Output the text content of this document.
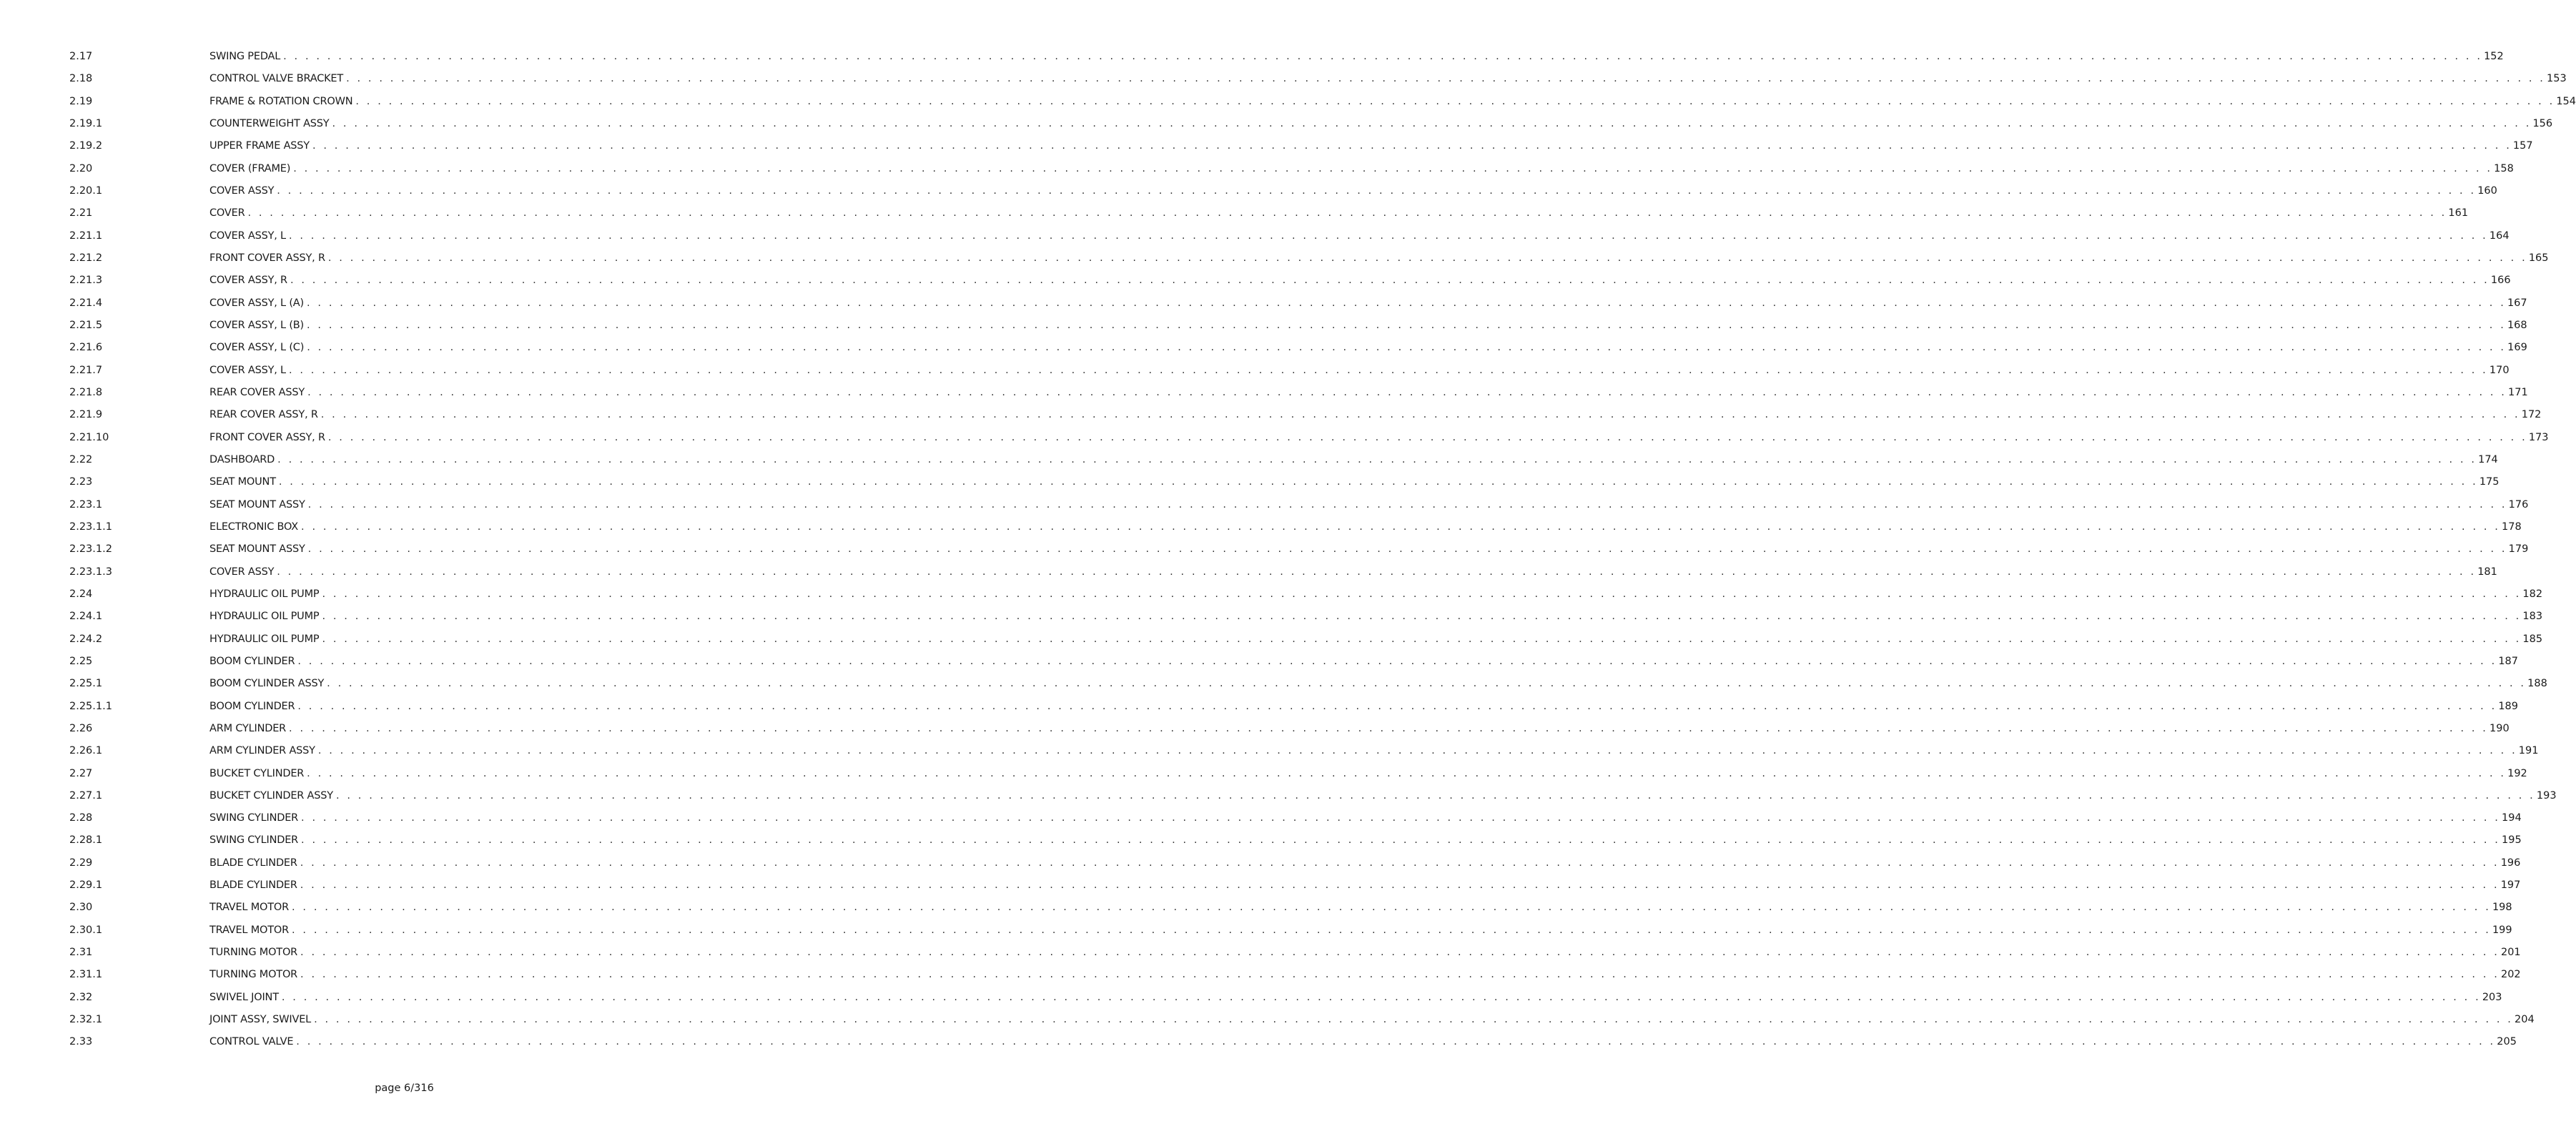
2.17	SWING PEDAL . . . . . . . . . . . . . . . . . . . . . . . . . . . . . . . . . . . . . . . . . . . . . . . . . . . . . . . . . . . . . . . . . . . . . . . . . . . . . . . . . . . . . . . . . . . . . . . . . . . . . . . . . . . . . . . . . . . . . . . . . . . . . . . . . . . . . . . . . . . . . . . . . . . . . . . . . . . . . . . . . . . . . . . . . . . . . . . . . . . . . . . . . . . . . . . . . . . . . . . . 152
2.18	CONTROL VALVE BRACKET . . . . . . . . . . . . . . . . . . . . . . . . . . . . . . . . . . . . . . . . . . . . . . . . . . . . . . . . . . . . . . . . . . . . . . . . . . . . . . . . . . . . . . . . . . . . . . . . . . . . . . . . . . . . . . . . . . . . . . . . . . . . . . . . . . . . . . . . . . . . . . . . . . . . . . . . . . . . . . . . . . . . . . . . . . . . . . . . . . . . . . . . . . . . . . . . . . . . . . . . 153
2.19	FRAME & ROTATION CROWN . . . . . . . . . . . . . . . . . . . . . . . . . . . . . . . . . . . . . . . . . . . . . . . . . . . . . . . . . . . . . . . . . . . . . . . . . . . . . . . . . . . . . . . . . . . . . . . . . . . . . . . . . . . . . . . . . . . . . . . . . . . . . . . . . . . . . . . . . . . . . . . . . . . . . . . . . . . . . . . . . . . . . . . . . . . . . . . . . . . . . . . . . . . . . . . . . . . . . . . . 154
2.19.1	COUNTERWEIGHT ASSY . . . . . . . . . . . . . . . . . . . . . . . . . . . . . . . . . . . . . . . . . . . . . . . . . . . . . . . . . . . . . . . . . . . . . . . . . . . . . . . . . . . . . . . . . . . . . . . . . . . . . . . . . . . . . . . . . . . . . . . . . . . . . . . . . . . . . . . . . . . . . . . . . . . . . . . . . . . . . . . . . . . . . . . . . . . . . . . . . . . . . . . . . . . . . . . . . . . . . . . . 156
2.19.2	UPPER FRAME ASSY . . . . . . . . . . . . . . . . . . . . . . . . . . . . . . . . . . . . . . . . . . . . . . . . . . . . . . . . . . . . . . . . . . . . . . . . . . . . . . . . . . . . . . . . . . . . . . . . . . . . . . . . . . . . . . . . . . . . . . . . . . . . . . . . . . . . . . . . . . . . . . . . . . . . . . . . . . . . . . . . . . . . . . . . . . . . . . . . . . . . . . . . . . . . . . . . . . . . . . . . 157
2.20	COVER (FRAME) . . . . . . . . . . . . . . . . . . . . . . . . . . . . . . . . . . . . . . . . . . . . . . . . . . . . . . . . . . . . . . . . . . . . . . . . . . . . . . . . . . . . . . . . . . . . . . . . . . . . . . . . . . . . . . . . . . . . . . . . . . . . . . . . . . . . . . . . . . . . . . . . . . . . . . . . . . . . . . . . . . . . . . . . . . . . . . . . . . . . . . . . . . . . . . . . . . . . . . . . 158
2.20.1	COVER ASSY . . . . . . . . . . . . . . . . . . . . . . . . . . . . . . . . . . . . . . . . . . . . . . . . . . . . . . . . . . . . . . . . . . . . . . . . . . . . . . . . . . . . . . . . . . . . . . . . . . . . . . . . . . . . . . . . . . . . . . . . . . . . . . . . . . . . . . . . . . . . . . . . . . . . . . . . . . . . . . . . . . . . . . . . . . . . . . . . . . . . . . . . . . . . . . . . . . . . . . . . 160
2.21	COVER . . . . . . . . . . . . . . . . . . . . . . . . . . . . . . . . . . . . . . . . . . . . . . . . . . . . . . . . . . . . . . . . . . . . . . . . . . . . . . . . . . . . . . . . . . . . . . . . . . . . . . . . . . . . . . . . . . . . . . . . . . . . . . . . . . . . . . . . . . . . . . . . . . . . . . . . . . . . . . . . . . . . . . . . . . . . . . . . . . . . . . . . . . . . . . . . . . . . . . . . 161
2.21.1	COVER ASSY, L . . . . . . . . . . . . . . . . . . . . . . . . . . . . . . . . . . . . . . . . . . . . . . . . . . . . . . . . . . . . . . . . . . . . . . . . . . . . . . . . . . . . . . . . . . . . . . . . . . . . . . . . . . . . . . . . . . . . . . . . . . . . . . . . . . . . . . . . . . . . . . . . . . . . . . . . . . . . . . . . . . . . . . . . . . . . . . . . . . . . . . . . . . . . . . . . . . . . . . . . 164
2.21.2	FRONT COVER ASSY, R . . . . . . . . . . . . . . . . . . . . . . . . . . . . . . . . . . . . . . . . . . . . . . . . . . . . . . . . . . . . . . . . . . . . . . . . . . . . . . . . . . . . . . . . . . . . . . . . . . . . . . . . . . . . . . . . . . . . . . . . . . . . . . . . . . . . . . . . . . . . . . . . . . . . . . . . . . . . . . . . . . . . . . . . . . . . . . . . . . . . . . . . . . . . . . . . . . . . . . . . 165
2.21.3	COVER ASSY, R . . . . . . . . . . . . . . . . . . . . . . . . . . . . . . . . . . . . . . . . . . . . . . . . . . . . . . . . . . . . . . . . . . . . . . . . . . . . . . . . . . . . . . . . . . . . . . . . . . . . . . . . . . . . . . . . . . . . . . . . . . . . . . . . . . . . . . . . . . . . . . . . . . . . . . . . . . . . . . . . . . . . . . . . . . . . . . . . . . . . . . . . . . . . . . . . . . . . . . . . 166
2.21.4	COVER ASSY, L (A) . . . . . . . . . . . . . . . . . . . . . . . . . . . . . . . . . . . . . . . . . . . . . . . . . . . . . . . . . . . . . . . . . . . . . . . . . . . . . . . . . . . . . . . . . . . . . . . . . . . . . . . . . . . . . . . . . . . . . . . . . . . . . . . . . . . . . . . . . . . . . . . . . . . . . . . . . . . . . . . . . . . . . . . . . . . . . . . . . . . . . . . . . . . . . . . . . . . . . . . . 167
2.21.5	COVER ASSY, L (B) . . . . . . . . . . . . . . . . . . . . . . . . . . . . . . . . . . . . . . . . . . . . . . . . . . . . . . . . . . . . . . . . . . . . . . . . . . . . . . . . . . . . . . . . . . . . . . . . . . . . . . . . . . . . . . . . . . . . . . . . . . . . . . . . . . . . . . . . . . . . . . . . . . . . . . . . . . . . . . . . . . . . . . . . . . . . . . . . . . . . . . . . . . . . . . . . . . . . . . . . 168
2.21.6	COVER ASSY, L (C) . . . . . . . . . . . . . . . . . . . . . . . . . . . . . . . . . . . . . . . . . . . . . . . . . . . . . . . . . . . . . . . . . . . . . . . . . . . . . . . . . . . . . . . . . . . . . . . . . . . . . . . . . . . . . . . . . . . . . . . . . . . . . . . . . . . . . . . . . . . . . . . . . . . . . . . . . . . . . . . . . . . . . . . . . . . . . . . . . . . . . . . . . . . . . . . . . . . . . . . . 169
2.21.7	COVER ASSY, L . . . . . . . . . . . . . . . . . . . . . . . . . . . . . . . . . . . . . . . . . . . . . . . . . . . . . . . . . . . . . . . . . . . . . . . . . . . . . . . . . . . . . . . . . . . . . . . . . . . . . . . . . . . . . . . . . . . . . . . . . . . . . . . . . . . . . . . . . . . . . . . . . . . . . . . . . . . . . . . . . . . . . . . . . . . . . . . . . . . . . . . . . . . . . . . . . . . . . . . . 170
2.21.8	REAR COVER ASSY . . . . . . . . . . . . . . . . . . . . . . . . . . . . . . . . . . . . . . . . . . . . . . . . . . . . . . . . . . . . . . . . . . . . . . . . . . . . . . . . . . . . . . . . . . . . . . . . . . . . . . . . . . . . . . . . . . . . . . . . . . . . . . . . . . . . . . . . . . . . . . . . . . . . . . . . . . . . . . . . . . . . . . . . . . . . . . . . . . . . . . . . . . . . . . . . . . . . . . . . 171
2.21.9	REAR COVER ASSY, R . . . . . . . . . . . . . . . . . . . . . . . . . . . . . . . . . . . . . . . . . . . . . . . . . . . . . . . . . . . . . . . . . . . . . . . . . . . . . . . . . . . . . . . . . . . . . . . . . . . . . . . . . . . . . . . . . . . . . . . . . . . . . . . . . . . . . . . . . . . . . . . . . . . . . . . . . . . . . . . . . . . . . . . . . . . . . . . . . . . . . . . . . . . . . . . . . . . . . . . . 172
2.21.10	FRONT COVER ASSY, R . . . . . . . . . . . . . . . . . . . . . . . . . . . . . . . . . . . . . . . . . . . . . . . . . . . . . . . . . . . . . . . . . . . . . . . . . . . . . . . . . . . . . . . . . . . . . . . . . . . . . . . . . . . . . . . . . . . . . . . . . . . . . . . . . . . . . . . . . . . . . . . . . . . . . . . . . . . . . . . . . . . . . . . . . . . . . . . . . . . . . . . . . . . . . . . . . . . . . . . . 173
2.22	DASHBOARD . . . . . . . . . . . . . . . . . . . . . . . . . . . . . . . . . . . . . . . . . . . . . . . . . . . . . . . . . . . . . . . . . . . . . . . . . . . . . . . . . . . . . . . . . . . . . . . . . . . . . . . . . . . . . . . . . . . . . . . . . . . . . . . . . . . . . . . . . . . . . . . . . . . . . . . . . . . . . . . . . . . . . . . . . . . . . . . . . . . . . . . . . . . . . . . . . . . . . . . . 174
2.23	SEAT MOUNT . . . . . . . . . . . . . . . . . . . . . . . . . . . . . . . . . . . . . . . . . . . . . . . . . . . . . . . . . . . . . . . . . . . . . . . . . . . . . . . . . . . . . . . . . . . . . . . . . . . . . . . . . . . . . . . . . . . . . . . . . . . . . . . . . . . . . . . . . . . . . . . . . . . . . . . . . . . . . . . . . . . . . . . . . . . . . . . . . . . . . . . . . . . . . . . . . . . . . . . . 175
2.23.1	SEAT MOUNT ASSY . . . . . . . . . . . . . . . . . . . . . . . . . . . . . . . . . . . . . . . . . . . . . . . . . . . . . . . . . . . . . . . . . . . . . . . . . . . . . . . . . . . . . . . . . . . . . . . . . . . . . . . . . . . . . . . . . . . . . . . . . . . . . . . . . . . . . . . . . . . . . . . . . . . . . . . . . . . . . . . . . . . . . . . . . . . . . . . . . . . . . . . . . . . . . . . . . . . . . . . . 176
2.23.1.1	ELECTRONIC BOX . . . . . . . . . . . . . . . . . . . . . . . . . . . . . . . . . . . . . . . . . . . . . . . . . . . . . . . . . . . . . . . . . . . . . . . . . . . . . . . . . . . . . . . . . . . . . . . . . . . . . . . . . . . . . . . . . . . . . . . . . . . . . . . . . . . . . . . . . . . . . . . . . . . . . . . . . . . . . . . . . . . . . . . . . . . . . . . . . . . . . . . . . . . . . . . . . . . . . . . . 178
2.23.1.2	SEAT MOUNT ASSY . . . . . . . . . . . . . . . . . . . . . . . . . . . . . . . . . . . . . . . . . . . . . . . . . . . . . . . . . . . . . . . . . . . . . . . . . . . . . . . . . . . . . . . . . . . . . . . . . . . . . . . . . . . . . . . . . . . . . . . . . . . . . . . . . . . . . . . . . . . . . . . . . . . . . . . . . . . . . . . . . . . . . . . . . . . . . . . . . . . . . . . . . . . . . . . . . . . . . . . . 179
2.23.1.3	COVER ASSY . . . . . . . . . . . . . . . . . . . . . . . . . . . . . . . . . . . . . . . . . . . . . . . . . . . . . . . . . . . . . . . . . . . . . . . . . . . . . . . . . . . . . . . . . . . . . . . . . . . . . . . . . . . . . . . . . . . . . . . . . . . . . . . . . . . . . . . . . . . . . . . . . . . . . . . . . . . . . . . . . . . . . . . . . . . . . . . . . . . . . . . . . . . . . . . . . . . . . . . . 181
2.24	HYDRAULIC OIL PUMP . . . . . . . . . . . . . . . . . . . . . . . . . . . . . . . . . . . . . . . . . . . . . . . . . . . . . . . . . . . . . . . . . . . . . . . . . . . . . . . . . . . . . . . . . . . . . . . . . . . . . . . . . . . . . . . . . . . . . . . . . . . . . . . . . . . . . . . . . . . . . . . . . . . . . . . . . . . . . . . . . . . . . . . . . . . . . . . . . . . . . . . . . . . . . . . . . . . . . . . . 182
2.24.1	HYDRAULIC OIL PUMP . . . . . . . . . . . . . . . . . . . . . . . . . . . . . . . . . . . . . . . . . . . . . . . . . . . . . . . . . . . . . . . . . . . . . . . . . . . . . . . . . . . . . . . . . . . . . . . . . . . . . . . . . . . . . . . . . . . . . . . . . . . . . . . . . . . . . . . . . . . . . . . . . . . . . . . . . . . . . . . . . . . . . . . . . . . . . . . . . . . . . . . . . . . . . . . . . . . . . . . . 183
2.24.2	HYDRAULIC OIL PUMP . . . . . . . . . . . . . . . . . . . . . . . . . . . . . . . . . . . . . . . . . . . . . . . . . . . . . . . . . . . . . . . . . . . . . . . . . . . . . . . . . . . . . . . . . . . . . . . . . . . . . . . . . . . . . . . . . . . . . . . . . . . . . . . . . . . . . . . . . . . . . . . . . . . . . . . . . . . . . . . . . . . . . . . . . . . . . . . . . . . . . . . . . . . . . . . . . . . . . . . . 185
2.25	BOOM CYLINDER . . . . . . . . . . . . . . . . . . . . . . . . . . . . . . . . . . . . . . . . . . . . . . . . . . . . . . . . . . . . . . . . . . . . . . . . . . . . . . . . . . . . . . . . . . . . . . . . . . . . . . . . . . . . . . . . . . . . . . . . . . . . . . . . . . . . . . . . . . . . . . . . . . . . . . . . . . . . . . . . . . . . . . . . . . . . . . . . . . . . . . . . . . . . . . . . . . . . . . . . 187
2.25.1	BOOM CYLINDER ASSY . . . . . . . . . . . . . . . . . . . . . . . . . . . . . . . . . . . . . . . . . . . . . . . . . . . . . . . . . . . . . . . . . . . . . . . . . . . . . . . . . . . . . . . . . . . . . . . . . . . . . . . . . . . . . . . . . . . . . . . . . . . . . . . . . . . . . . . . . . . . . . . . . . . . . . . . . . . . . . . . . . . . . . . . . . . . . . . . . . . . . . . . . . . . . . . . . . . . . . . . 188
2.25.1.1	BOOM CYLINDER . . . . . . . . . . . . . . . . . . . . . . . . . . . . . . . . . . . . . . . . . . . . . . . . . . . . . . . . . . . . . . . . . . . . . . . . . . . . . . . . . . . . . . . . . . . . . . . . . . . . . . . . . . . . . . . . . . . . . . . . . . . . . . . . . . . . . . . . . . . . . . . . . . . . . . . . . . . . . . . . . . . . . . . . . . . . . . . . . . . . . . . . . . . . . . . . . . . . . . . . 189
2.26	ARM CYLINDER . . . . . . . . . . . . . . . . . . . . . . . . . . . . . . . . . . . . . . . . . . . . . . . . . . . . . . . . . . . . . . . . . . . . . . . . . . . . . . . . . . . . . . . . . . . . . . . . . . . . . . . . . . . . . . . . . . . . . . . . . . . . . . . . . . . . . . . . . . . . . . . . . . . . . . . . . . . . . . . . . . . . . . . . . . . . . . . . . . . . . . . . . . . . . . . . . . . . . . . . 190
2.26.1	ARM CYLINDER ASSY . . . . . . . . . . . . . . . . . . . . . . . . . . . . . . . . . . . . . . . . . . . . . . . . . . . . . . . . . . . . . . . . . . . . . . . . . . . . . . . . . . . . . . . . . . . . . . . . . . . . . . . . . . . . . . . . . . . . . . . . . . . . . . . . . . . . . . . . . . . . . . . . . . . . . . . . . . . . . . . . . . . . . . . . . . . . . . . . . . . . . . . . . . . . . . . . . . . . . . . . 191
2.27	BUCKET CYLINDER . . . . . . . . . . . . . . . . . . . . . . . . . . . . . . . . . . . . . . . . . . . . . . . . . . . . . . . . . . . . . . . . . . . . . . . . . . . . . . . . . . . . . . . . . . . . . . . . . . . . . . . . . . . . . . . . . . . . . . . . . . . . . . . . . . . . . . . . . . . . . . . . . . . . . . . . . . . . . . . . . . . . . . . . . . . . . . . . . . . . . . . . . . . . . . . . . . . . . . . . 192
2.27.1	BUCKET CYLINDER ASSY . . . . . . . . . . . . . . . . . . . . . . . . . . . . . . . . . . . . . . . . . . . . . . . . . . . . . . . . . . . . . . . . . . . . . . . . . . . . . . . . . . . . . . . . . . . . . . . . . . . . . . . . . . . . . . . . . . . . . . . . . . . . . . . . . . . . . . . . . . . . . . . . . . . . . . . . . . . . . . . . . . . . . . . . . . . . . . . . . . . . . . . . . . . . . . . . . . . . . . . . 193
2.28	SWING CYLINDER . . . . . . . . . . . . . . . . . . . . . . . . . . . . . . . . . . . . . . . . . . . . . . . . . . . . . . . . . . . . . . . . . . . . . . . . . . . . . . . . . . . . . . . . . . . . . . . . . . . . . . . . . . . . . . . . . . . . . . . . . . . . . . . . . . . . . . . . . . . . . . . . . . . . . . . . . . . . . . . . . . . . . . . . . . . . . . . . . . . . . . . . . . . . . . . . . . . . . . . . 194
2.28.1	SWING CYLINDER . . . . . . . . . . . . . . . . . . . . . . . . . . . . . . . . . . . . . . . . . . . . . . . . . . . . . . . . . . . . . . . . . . . . . . . . . . . . . . . . . . . . . . . . . . . . . . . . . . . . . . . . . . . . . . . . . . . . . . . . . . . . . . . . . . . . . . . . . . . . . . . . . . . . . . . . . . . . . . . . . . . . . . . . . . . . . . . . . . . . . . . . . . . . . . . . . . . . . . . . 195
2.29	BLADE CYLINDER . . . . . . . . . . . . . . . . . . . . . . . . . . . . . . . . . . . . . . . . . . . . . . . . . . . . . . . . . . . . . . . . . . . . . . . . . . . . . . . . . . . . . . . . . . . . . . . . . . . . . . . . . . . . . . . . . . . . . . . . . . . . . . . . . . . . . . . . . . . . . . . . . . . . . . . . . . . . . . . . . . . . . . . . . . . . . . . . . . . . . . . . . . . . . . . . . . . . . . . . 196
2.29.1	BLADE CYLINDER . . . . . . . . . . . . . . . . . . . . . . . . . . . . . . . . . . . . . . . . . . . . . . . . . . . . . . . . . . . . . . . . . . . . . . . . . . . . . . . . . . . . . . . . . . . . . . . . . . . . . . . . . . . . . . . . . . . . . . . . . . . . . . . . . . . . . . . . . . . . . . . . . . . . . . . . . . . . . . . . . . . . . . . . . . . . . . . . . . . . . . . . . . . . . . . . . . . . . . . . 197
2.30	TRAVEL MOTOR . . . . . . . . . . . . . . . . . . . . . . . . . . . . . . . . . . . . . . . . . . . . . . . . . . . . . . . . . . . . . . . . . . . . . . . . . . . . . . . . . . . . . . . . . . . . . . . . . . . . . . . . . . . . . . . . . . . . . . . . . . . . . . . . . . . . . . . . . . . . . . . . . . . . . . . . . . . . . . . . . . . . . . . . . . . . . . . . . . . . . . . . . . . . . . . . . . . . . . . . 198
2.30.1	TRAVEL MOTOR . . . . . . . . . . . . . . . . . . . . . . . . . . . . . . . . . . . . . . . . . . . . . . . . . . . . . . . . . . . . . . . . . . . . . . . . . . . . . . . . . . . . . . . . . . . . . . . . . . . . . . . . . . . . . . . . . . . . . . . . . . . . . . . . . . . . . . . . . . . . . . . . . . . . . . . . . . . . . . . . . . . . . . . . . . . . . . . . . . . . . . . . . . . . . . . . . . . . . . . . 199
2.31	TURNING MOTOR . . . . . . . . . . . . . . . . . . . . . . . . . . . . . . . . . . . . . . . . . . . . . . . . . . . . . . . . . . . . . . . . . . . . . . . . . . . . . . . . . . . . . . . . . . . . . . . . . . . . . . . . . . . . . . . . . . . . . . . . . . . . . . . . . . . . . . . . . . . . . . . . . . . . . . . . . . . . . . . . . . . . . . . . . . . . . . . . . . . . . . . . . . . . . . . . . . . . . . . . 201
2.31.1	TURNING MOTOR . . . . . . . . . . . . . . . . . . . . . . . . . . . . . . . . . . . . . . . . . . . . . . . . . . . . . . . . . . . . . . . . . . . . . . . . . . . . . . . . . . . . . . . . . . . . . . . . . . . . . . . . . . . . . . . . . . . . . . . . . . . . . . . . . . . . . . . . . . . . . . . . . . . . . . . . . . . . . . . . . . . . . . . . . . . . . . . . . . . . . . . . . . . . . . . . . . . . . . . . 202
2.32	SWIVEL JOINT . . . . . . . . . . . . . . . . . . . . . . . . . . . . . . . . . . . . . . . . . . . . . . . . . . . . . . . . . . . . . . . . . . . . . . . . . . . . . . . . . . . . . . . . . . . . . . . . . . . . . . . . . . . . . . . . . . . . . . . . . . . . . . . . . . . . . . . . . . . . . . . . . . . . . . . . . . . . . . . . . . . . . . . . . . . . . . . . . . . . . . . . . . . . . . . . . . . . . . . . 203
2.32.1	JOINT ASSY, SWIVEL . . . . . . . . . . . . . . . . . . . . . . . . . . . . . . . . . . . . . . . . . . . . . . . . . . . . . . . . . . . . . . . . . . . . . . . . . . . . . . . . . . . . . . . . . . . . . . . . . . . . . . . . . . . . . . . . . . . . . . . . . . . . . . . . . . . . . . . . . . . . . . . . . . . . . . . . . . . . . . . . . . . . . . . . . . . . . . . . . . . . . . . . . . . . . . . . . . . . . . . . 204
2.33	CONTROL VALVE . . . . . . . . . . . . . . . . . . . . . . . . . . . . . . . . . . . . . . . . . . . . . . . . . . . . . . . . . . . . . . . . . . . . . . . . . . . . . . . . . . . . . . . . . . . . . . . . . . . . . . . . . . . . . . . . . . . . . . . . . . . . . . . . . . . . . . . . . . . . . . . . . . . . . . . . . . . . . . . . . . . . . . . . . . . . . . . . . . . . . . . . . . . . . . . . . . . . . . . . 205
page 6/316
